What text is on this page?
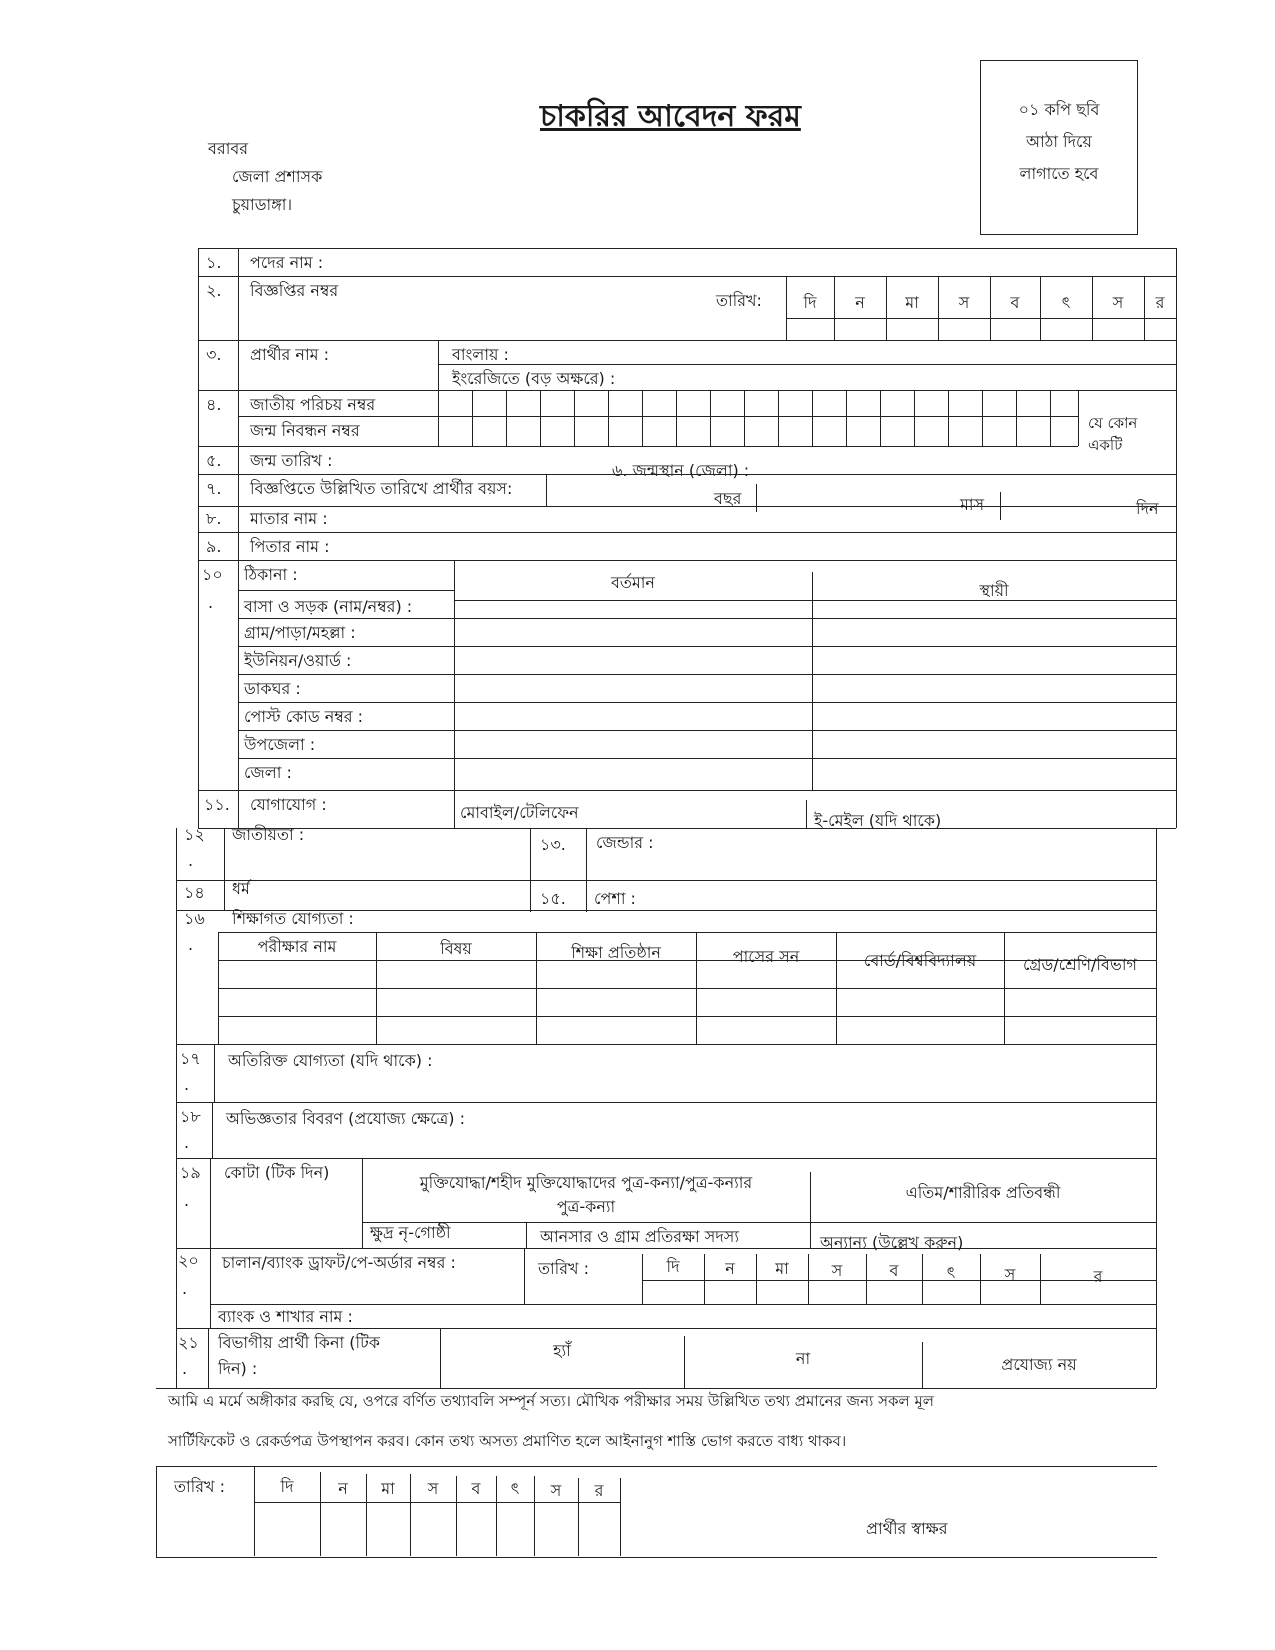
চাকরির আবেদন ফরম
বরাবর
জেলা প্রশাসক
চুয়াডাঙ্গা।
০১ কপি ছবি
আঠা দিয়ে
লাগাতে হবে
১. পদের নাম :
২. বিজ্ঞপ্তির নম্বর
তারিখ:	দি	ন	মা	স	ব	ৎ	স	র
৩. প্রার্থীর নাম :	বাংলায় :
ইংরেজিতে (বড় অক্ষরে) :
৪. জাতীয় পরিচয় নম্বর
জন্ম নিবন্ধন নম্বর	যে কোন একটি
৫. জন্ম তারিখ :
৬. জন্মস্থান (জেলা) :
৭. বিজ্ঞপ্তিতে উল্লিখিত তারিখে প্রার্থীর বয়স:
বছর	মাস	দিন
৮. মাতার নাম :
৯. পিতার নাম :
১০
.
ঠিকানা :	বর্তমান	স্থায়ী
বাসা ও সড়ক (নাম/নম্বর) :
গ্রাম/পাড়া/মহল্লা :
ইউনিয়ন/ওয়ার্ড :
ডাকঘর :
পোস্ট কোড নম্বর :
উপজেলা :
জেলা :
১১. যোগাযোগ :	মোবাইল/টেলিফেন	ই-মেইল (যদি থাকে)
১২
.
জাতীয়তা :
১৩. জেন্ডার :
১৪ ধর্ম
১৫. পেশা :
১৬
.
শিক্ষাগত যোগ্যতা :
পরীক্ষার নাম	বিষয়	শিক্ষা প্রতিষ্ঠান	পাসের সন	বোর্ড/বিশ্ববিদ্যালয়	গ্রেড/শ্রেণি/বিভাগ
১৭
.
অতিরিক্ত যোগ্যতা (যদি থাকে) :
১৮
.
অভিজ্ঞতার বিবরণ (প্রযোজ্য ক্ষেত্রে) :
১৯
.
কোটা (টিক দিন)
মুক্তিযোদ্ধা/শহীদ মুক্তিযোদ্ধাদের পুত্র-কন্যা/পুত্র-কন্যার
পুত্র-কন্যা
এতিম/শারীরিক প্রতিবন্ধী
ক্ষুদ্র নৃ-গোষ্ঠী	আনসার ও গ্রাম প্রতিরক্ষা সদস্য	অন্যান্য (উল্লেখ করুন)
২০
.
চালান/ব্যাংক ড্রাফট/পে-অর্ডার নম্বর :	তারিখ :	দি	ন	মা	স	ব	ৎ	স	র
ব্যাংক ও শাখার নাম :
২১
.
বিভাগীয় প্রার্থী কিনা (টিক
দিন) :
হ্যাঁ	না	প্রযোজ্য নয়
আমি এ মর্মে অঙ্গীকার করছি যে, ওপরে বর্ণিত তথ্যাবলি সম্পূর্ন সত্য। মৌখিক পরীক্ষার সময় উল্লিখিত তথ্য প্রমানের জন্য সকল মূল
সার্টিফিকেট ও রেকর্ডপত্র উপস্থাপন করব। কোন তথ্য অসত্য প্রমাণিত হলে আইনানুগ শাস্তি ভোগ করতে বাধ্য থাকব।
তারিখ :	দি	ন	মা	স	ব	ৎ	স	র
প্রার্থীর স্বাক্ষর
